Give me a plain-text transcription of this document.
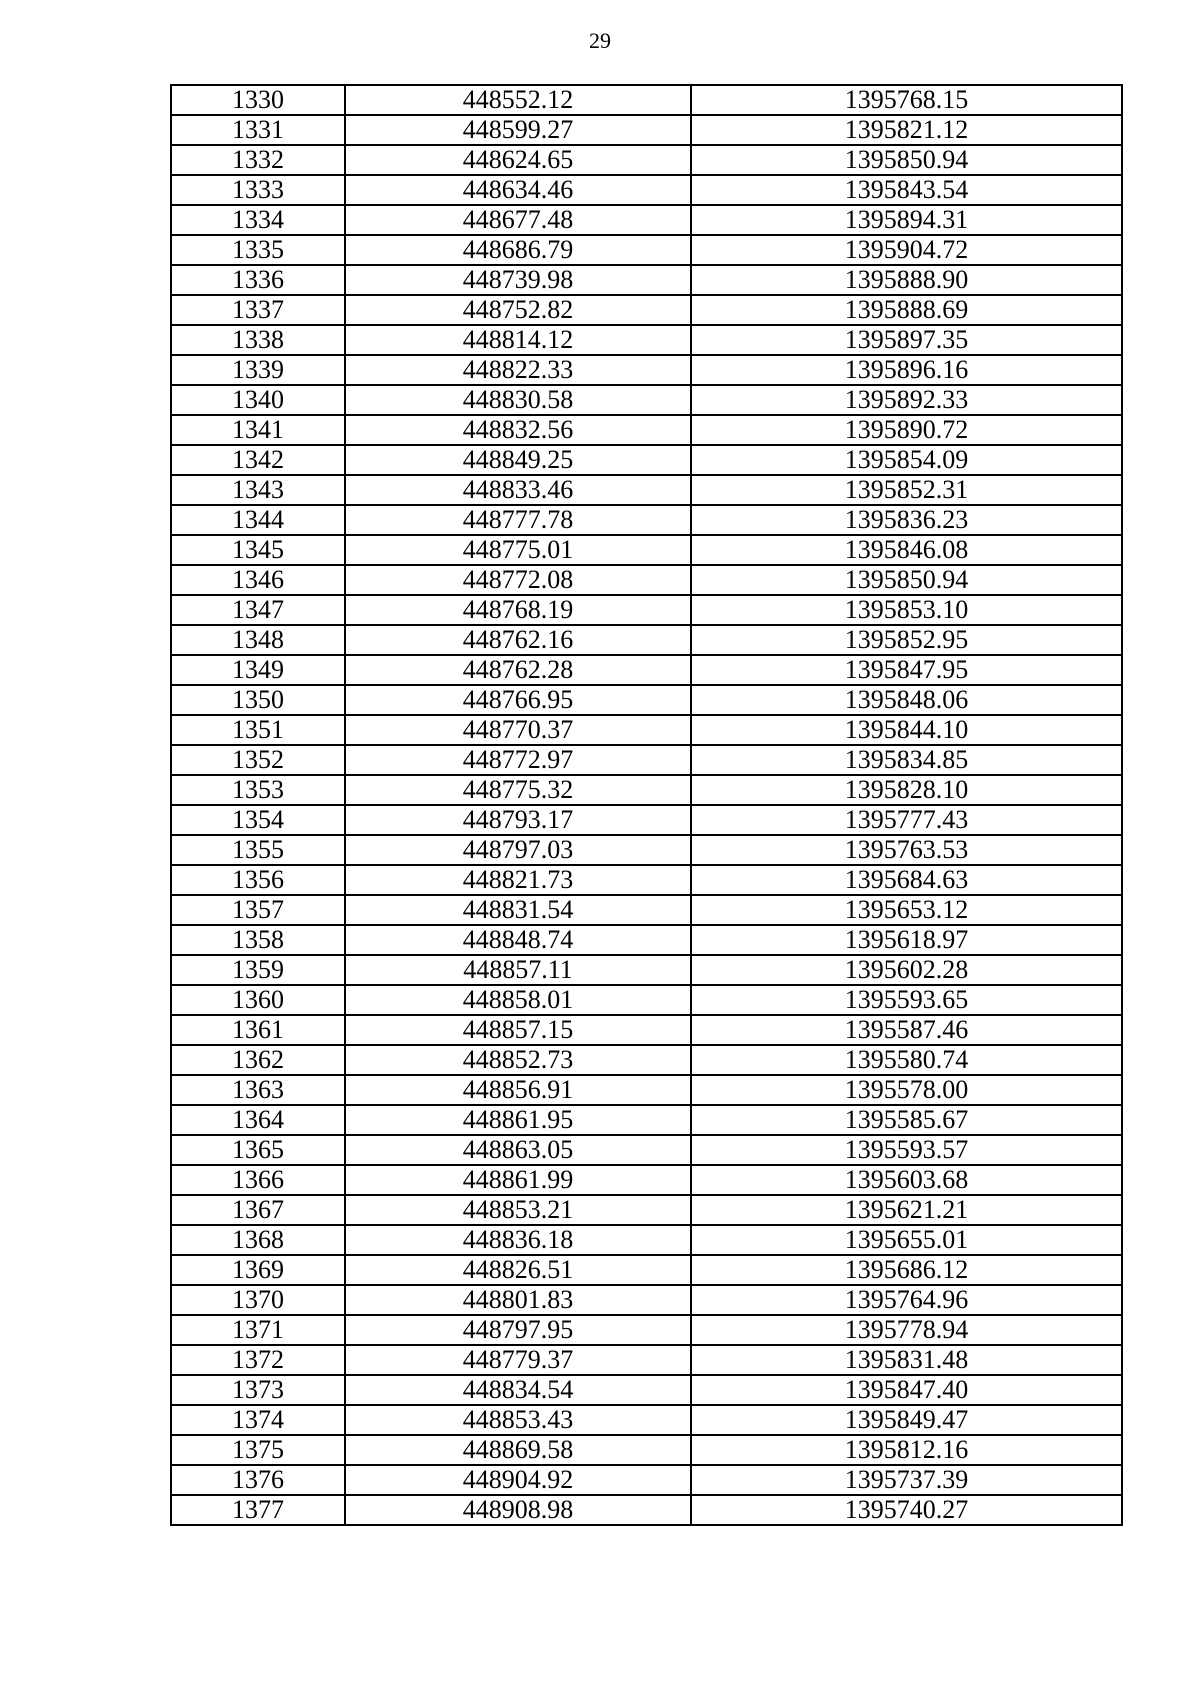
29
1330	448552.12	1395768.15
1331	448599.27	1395821.12
1332	448624.65	1395850.94
1333	448634.46	1395843.54
1334	448677.48	1395894.31
1335	448686.79	1395904.72
1336	448739.98	1395888.90
1337	448752.82	1395888.69
1338	448814.12	1395897.35
1339	448822.33	1395896.16
1340	448830.58	1395892.33
1341	448832.56	1395890.72
1342	448849.25	1395854.09
1343	448833.46	1395852.31
1344	448777.78	1395836.23
1345	448775.01	1395846.08
1346	448772.08	1395850.94
1347	448768.19	1395853.10
1348	448762.16	1395852.95
1349	448762.28	1395847.95
1350	448766.95	1395848.06
1351	448770.37	1395844.10
1352	448772.97	1395834.85
1353	448775.32	1395828.10
1354	448793.17	1395777.43
1355	448797.03	1395763.53
1356	448821.73	1395684.63
1357	448831.54	1395653.12
1358	448848.74	1395618.97
1359	448857.11	1395602.28
1360	448858.01	1395593.65
1361	448857.15	1395587.46
1362	448852.73	1395580.74
1363	448856.91	1395578.00
1364	448861.95	1395585.67
1365	448863.05	1395593.57
1366	448861.99	1395603.68
1367	448853.21	1395621.21
1368	448836.18	1395655.01
1369	448826.51	1395686.12
1370	448801.83	1395764.96
1371	448797.95	1395778.94
1372	448779.37	1395831.48
1373	448834.54	1395847.40
1374	448853.43	1395849.47
1375	448869.58	1395812.16
1376	448904.92	1395737.39
1377	448908.98	1395740.27
